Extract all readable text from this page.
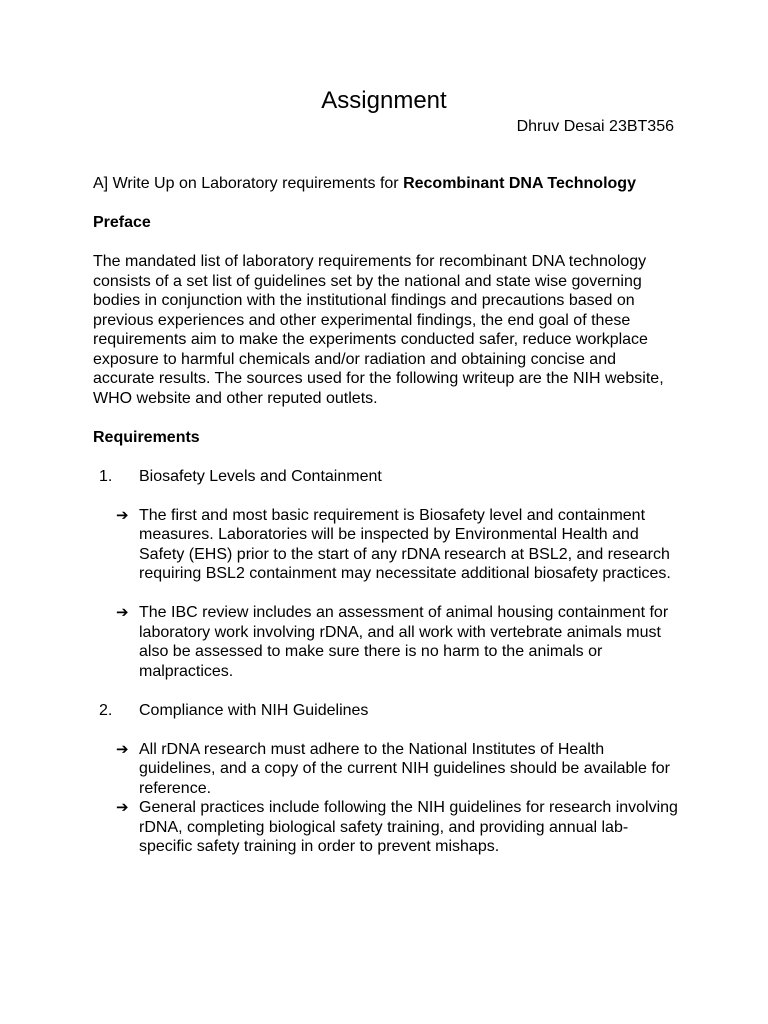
Assignment

Dhruv Desai 23BT356

A] Write Up on Laboratory requirements for Recombinant DNA Technology

Preface

The mandated list of laboratory requirements for recombinant DNA technology consists of a set list of guidelines set by the national and state wise governing bodies in conjunction with the institutional findings and precautions based on previous experiences and other experimental findings, the end goal of these requirements aim to make the experiments conducted safer, reduce workplace exposure to harmful chemicals and/or radiation and obtaining concise and accurate results. The sources used for the following writeup are the NIH website, WHO website and other reputed outlets.

Requirements

1. Biosafety Levels and Containment
➔ The first and most basic requirement is Biosafety level and containment measures. Laboratories will be inspected by Environmental Health and Safety (EHS) prior to the start of any rDNA research at BSL2, and research requiring BSL2 containment may necessitate additional biosafety practices.
➔ The IBC review includes an assessment of animal housing containment for laboratory work involving rDNA, and all work with vertebrate animals must also be assessed to make sure there is no harm to the animals or malpractices.
2. Compliance with NIH Guidelines
➔ All rDNA research must adhere to the National Institutes of Health guidelines, and a copy of the current NIH guidelines should be available for reference.
➔ General practices include following the NIH guidelines for research involving rDNA, completing biological safety training, and providing annual lab-specific safety training in order to prevent mishaps.
